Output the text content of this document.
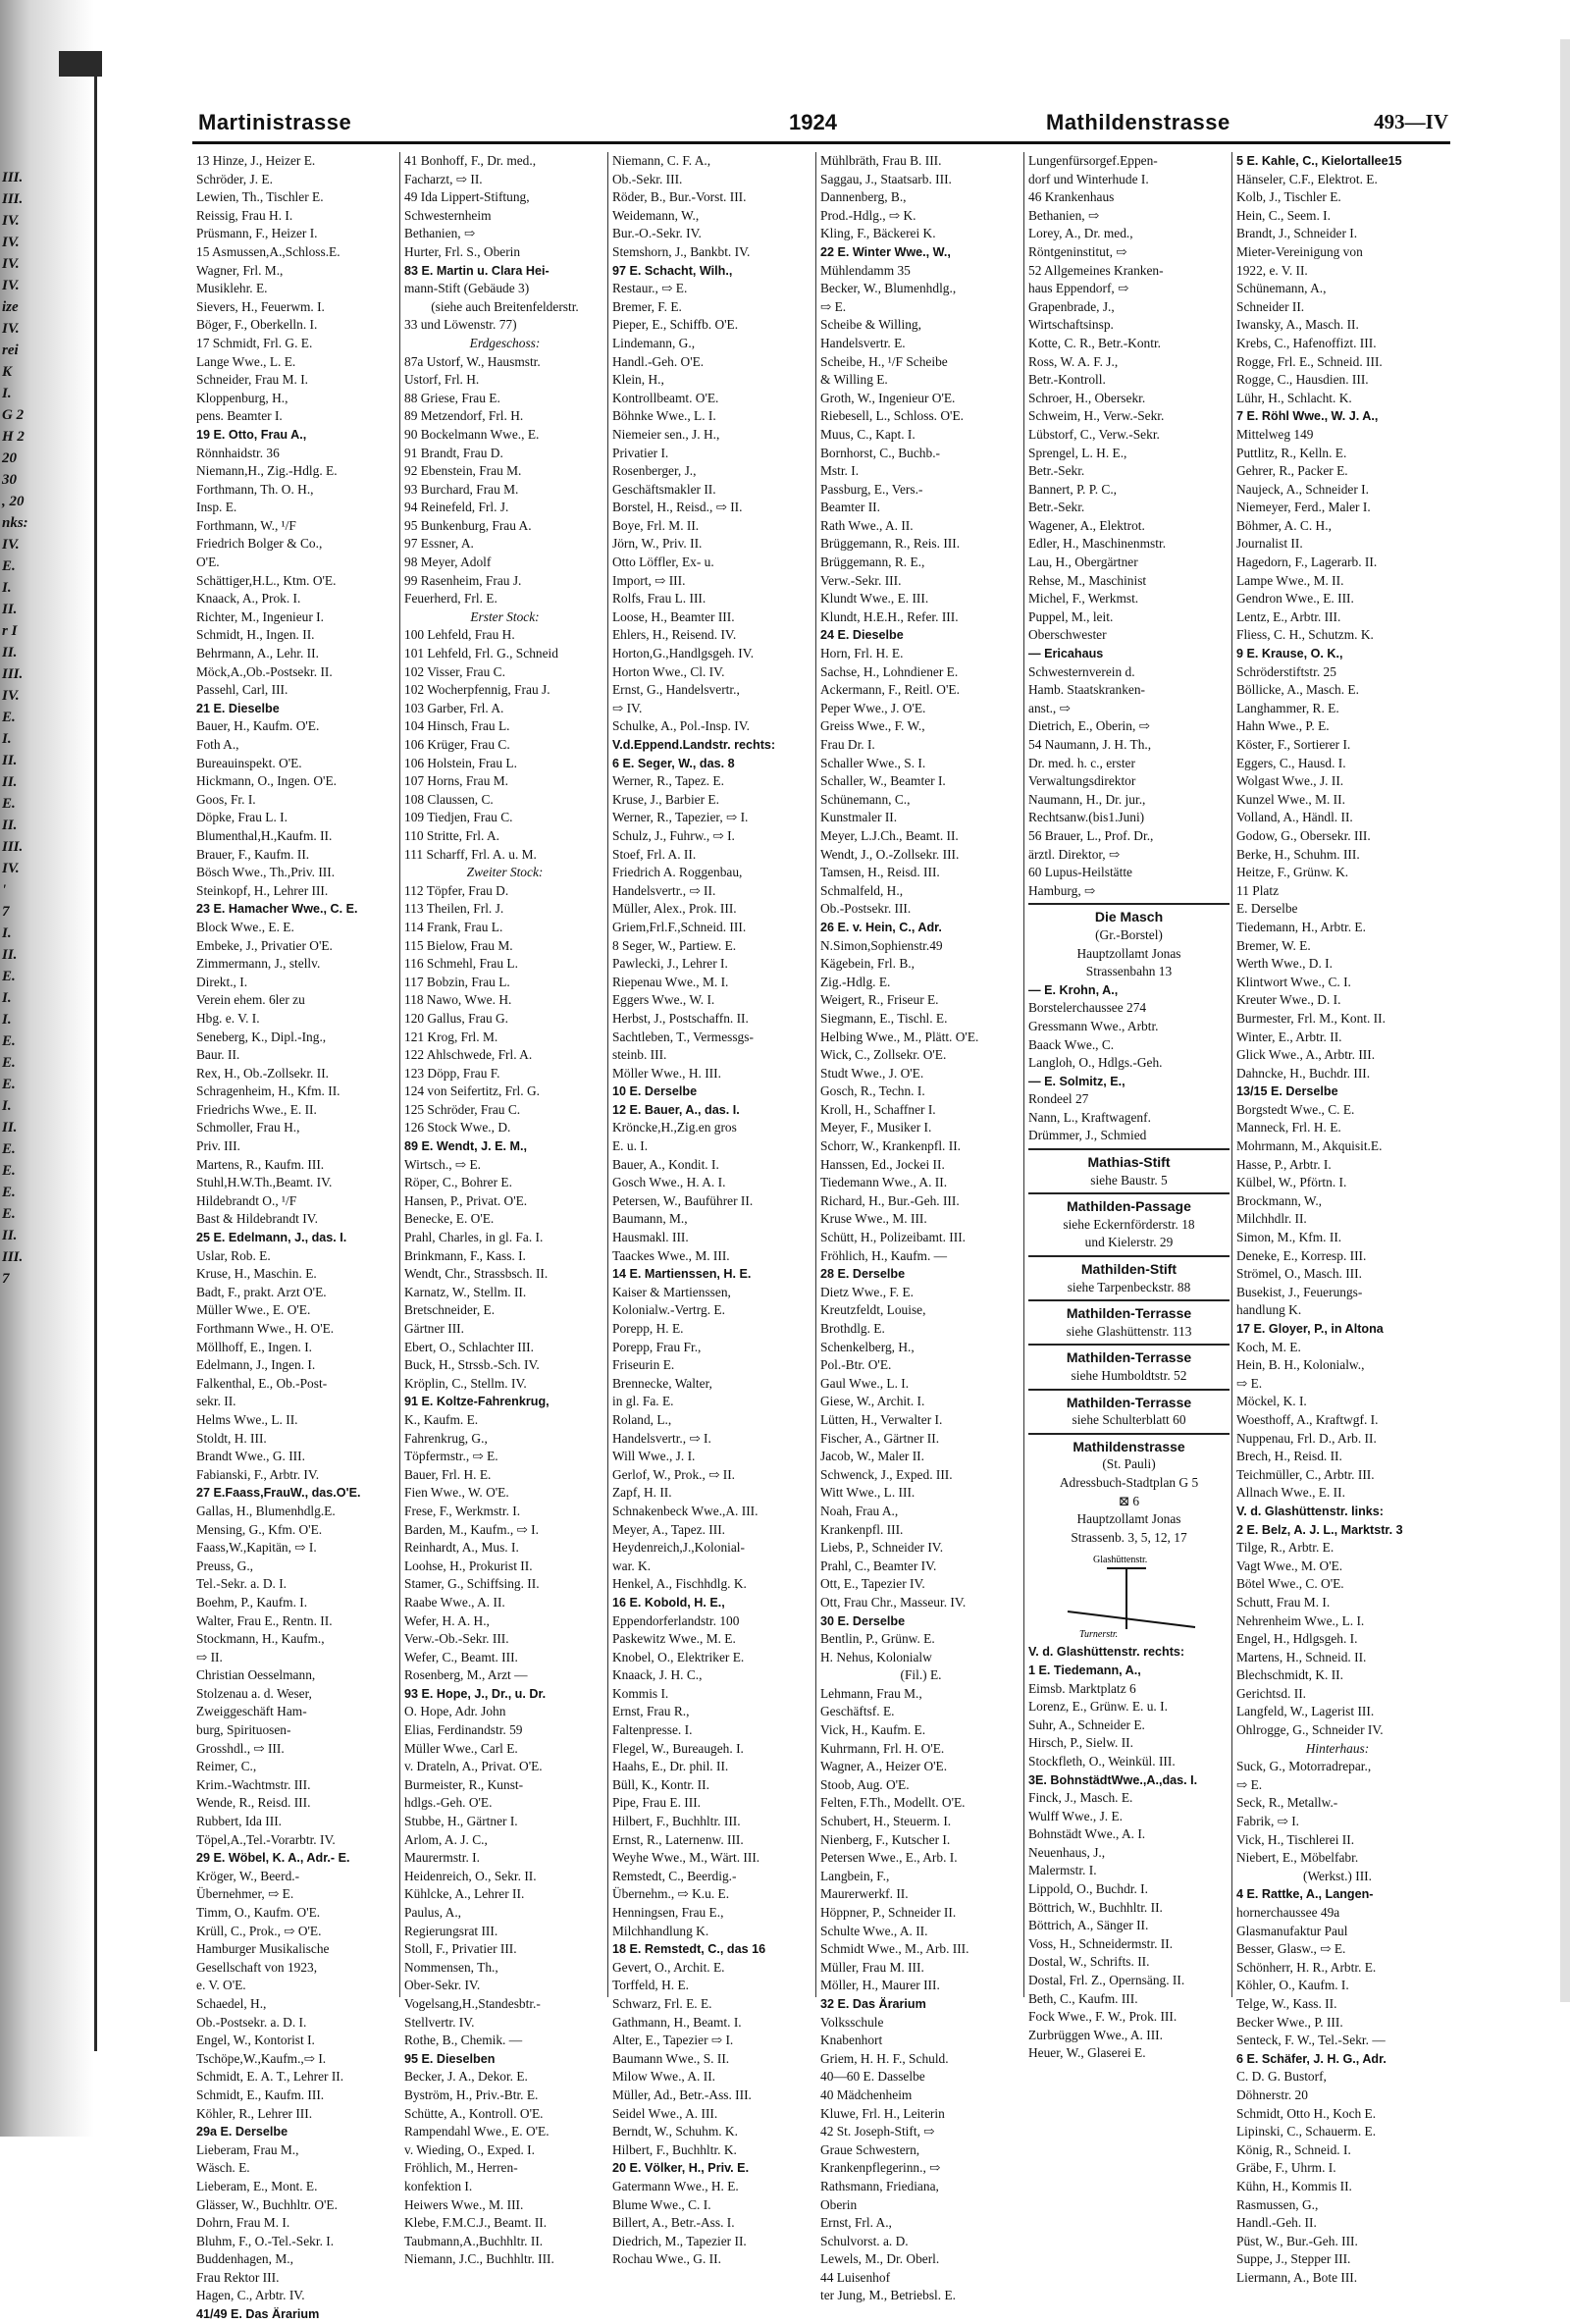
III.
III.
IV.
IV.
IV.
IV.
ize
IV.
rei
K
I.
G 2
H 2
20
30
, 20
nks:
IV.
E.
I.
II.
r I
II.
III.
IV.
E.
I.
II.
II.
E.
II.
III.
IV.
'
7
I.
II.
E.
I.
I.
E.
E.
E.
I.
II.
E.
E.
E.
E.
II.
III.
7
Martinistrasse	1924	Mathildenstrasse	493—IV
13 Hinze, J., Heizer E.
Schröder, J. E.
Lewien, Th., Tischler E.
Reissig, Frau H. I.
Prüsmann, F., Heizer I.
15 Asmussen,A.,Schloss.E.
Wagner, Frl. M.,
Musiklehr. E.
Sievers, H., Feuerwm. I.
Böger, F., Oberkelln. I.
17 Schmidt, Frl. G. E.
Lange Wwe., L. E.
Schneider, Frau M. I.
Kloppenburg, H.,
pens. Beamter I.
19 E. Otto, Frau A.,
Rönnhaidstr. 36
Niemann,H., Zig.-Hdlg. E.
Forthmann, Th. O. H.,
Insp. E.
Forthmann, W., ¹/F
Friedrich Bolger & Co.,
O'E.
Schättiger,H.L., Ktm. O'E.
Knaack, A., Prok. I.
Richter, M., Ingenieur I.
Schmidt, H., Ingen. II.
Behrmann, A., Lehr. II.
Möck,A.,Ob.-Postsekr. II.
Passehl, Carl, III.
21 E. Dieselbe
Bauer, H., Kaufm. O'E.
Foth A.,
Bureauinspekt. O'E.
Hickmann, O., Ingen. O'E.
Goos, Fr. I.
Döpke, Frau L. I.
Blumenthal,H.,Kaufm. II.
Brauer, F., Kaufm. II.
Bösch Wwe., Th.,Priv. III.
Steinkopf, H., Lehrer III.
23 E. Hamacher Wwe., C. E.
Block Wwe., E. E.
Embeke, J., Privatier O'E.
Zimmermann, J., stellv.
Direkt., I.
Verein ehem. 6ler zu
Hbg. e. V. I.
Seneberg, K., Dipl.-Ing.,
Baur. II.
Rex, H., Ob.-Zollsekr. II.
Schragenheim, H., Kfm. II.
Friedrichs Wwe., E. II.
Schmoller, Frau H.,
Priv. III.
Martens, R., Kaufm. III.
Stuhl,H.W.Th.,Beamt. IV.
Hildebrandt O., ¹/F
Bast & Hildebrandt IV.
25 E. Edelmann, J., das. I.
Uslar, Rob. E.
Kruse, H., Maschin. E.
Badt, F., prakt. Arzt O'E.
Müller Wwe., E. O'E.
Forthmann Wwe., H. O'E.
Möllhoff, E., Ingen. I.
Edelmann, J., Ingen. I.
Falkenthal, E., Ob.-Post-
sekr. II.
Helms Wwe., L. II.
Stoldt, H. III.
Brandt Wwe., G. III.
Fabianski, F., Arbtr. IV.
27 E.Faass,FrauW., das.O'E.
Gallas, H., Blumenhdlg.E.
Mensing, G., Kfm. O'E.
Faass,W.,Kapitän, ⇨ I.
Preuss, G.,
Tel.-Sekr. a. D. I.
Boehm, P., Kaufm. I.
Walter, Frau E., Rentn. II.
Stockmann, H., Kaufm.,
⇨ II.
Christian Oesselmann,
Stolzenau a. d. Weser,
Zweiggeschäft Ham-
burg, Spirituosen-
Grosshdl., ⇨ III.
Reimer, C.,
Krim.-Wachtmstr. III.
Wende, R., Reisd. III.
Rubbert, Ida III.
Töpel,A.,Tel.-Vorarbtr. IV.
29 E. Wöbel, K. A., Adr.- E.
Kröger, W., Beerd.-
Übernehmer, ⇨ E.
Timm, O., Kaufm. O'E.
Krüll, C., Prok., ⇨ O'E.
Hamburger Musikalische
Gesellschaft von 1923,
e. V. O'E.
Schaedel, H.,
Ob.-Postsekr. a. D. I.
Engel, W., Kontorist I.
Tschöpe,W.,Kaufm.,⇨ I.
Schmidt, E. A. T., Lehrer II.
Schmidt, E., Kaufm. III.
Köhler, R., Lehrer III.
29a E. Derselbe
Lieberam, Frau M.,
Wäsch. E.
Lieberam, E., Mont. E.
Glässer, W., Buchhltr. O'E.
Dohrn, Frau M. I.
Bluhm, F., O.-Tel.-Sekr. I.
Buddenhagen, M.,
Frau Rektor III.
Hagen, C., Arbtr. IV.
41/49 E. Das Ärarium
41 Bonhoff, F., Dr. med.,
Facharzt, ⇨ II.
49 Ida Lippert-Stiftung,
Schwesternheim
Bethanien, ⇨
Hurter, Frl. S., Oberin
83 E. Martin u. Clara Hei-
mann-Stift (Gebäude 3)
(siehe auch Breitenfelderstr.
33 und Löwenstr. 77)
Erdgeschoss:
87a Ustorf, W., Hausmstr.
Ustorf, Frl. H.
88 Griese, Frau E.
89 Metzendorf, Frl. H.
90 Bockelmann Wwe., E.
91 Brandt, Frau D.
92 Ebenstein, Frau M.
93 Burchard, Frau M.
94 Reinefeld, Frl. J.
95 Bunkenburg, Frau A.
97 Essner, A.
98 Meyer, Adolf
99 Rasenheim, Frau J.
Feuerherd, Frl. E.
Erster Stock:
100 Lehfeld, Frau H.
101 Lehfeld, Frl. G., Schneid
102 Visser, Frau C.
102 Wocherpfennig, Frau J.
103 Garber, Frl. A.
104 Hinsch, Frau L.
106 Krüger, Frau C.
106 Holstein, Frau L.
107 Horns, Frau M.
108 Claussen, C.
109 Tiedjen, Frau C.
110 Stritte, Frl. A.
111 Scharff, Frl. A. u. M.
Zweiter Stock:
112 Töpfer, Frau D.
113 Theilen, Frl. J.
114 Frank, Frau L.
115 Bielow, Frau M.
116 Schmehl, Frau L.
117 Bobzin, Frau L.
118 Nawo, Wwe. H.
120 Gallus, Frau G.
121 Krog, Frl. M.
122 Ahlschwede, Frl. A.
123 Döpp, Frau F.
124 von Seifertitz, Frl. G.
125 Schröder, Frau C.
126 Stock Wwe., D.
89 E. Wendt, J. E. M.,
Wirtsch., ⇨ E.
Röper, C., Bohrer E.
Hansen, P., Privat. O'E.
Benecke, E. O'E.
Prahl, Charles, in gl. Fa. I.
Brinkmann, F., Kass. I.
Wendt, Chr., Strassbsch. II.
Karnatz, W., Stellm. II.
Bretschneider, E.
Gärtner III.
Ebert, O., Schlachter III.
Buck, H., Strssb.-Sch. IV.
Kröplin, C., Stellm. IV.
91 E. Koltze-Fahrenkrug,
K., Kaufm. E.
Fahrenkrug, G.,
Töpfermstr., ⇨ E.
Bauer, Frl. H. E.
Fien Wwe., W. O'E.
Frese, F., Werkmstr. I.
Barden, M., Kaufm., ⇨ I.
Reinhardt, A., Mus. I.
Loohse, H., Prokurist II.
Stamer, G., Schiffsing. II.
Raabe Wwe., A. II.
Wefer, H. A. H.,
Verw.-Ob.-Sekr. III.
Wefer, C., Beamt. III.
Rosenberg, M., Arzt —
93 E. Hope, J., Dr., u. Dr.
O. Hope, Adr. John
Elias, Ferdinandstr. 59
Müller Wwe., Carl E.
v. Drateln, A., Privat. O'E.
Burmeister, R., Kunst-
hdlgs.-Geh. O'E.
Stubbe, H., Gärtner I.
Arlom, A. J. C.,
Maurermstr. I.
Heidenreich, O., Sekr. II.
Kühlcke, A., Lehrer II.
Paulus, A.,
Regierungsrat III.
Stoll, F., Privatier III.
Nommensen, Th.,
Ober-Sekr. IV.
Vogelsang,H.,Standesbtr.-
Stellvertr. IV.
Rothe, B., Chemik. —
95 E. Dieselben
Becker, J. A., Dekor. E.
Byström, H., Priv.-Btr. E.
Schütte, A., Kontroll. O'E.
Rampendahl Wwe., E. O'E.
v. Wieding, O., Exped. I.
Fröhlich, M., Herren-
konfektion I.
Heiwers Wwe., M. III.
Klebe, F.M.C.J., Beamt. II.
Taubmann,A.,Buchhltr. II.
Niemann, J.C., Buchhltr. III.
Niemann, C. F. A.,
Ob.-Sekr. III.
Röder, B., Bur.-Vorst. III.
Weidemann, W.,
Bur.-O.-Sekr. IV.
Stemshorn, J., Bankbt. IV.
97 E. Schacht, Wilh.,
Restaur., ⇨ E.
Bremer, F. E.
Pieper, E., Schiffb. O'E.
Lindemann, G.,
Handl.-Geh. O'E.
Klein, H.,
Kontrollbeamt. O'E.
Böhnke Wwe., L. I.
Niemeier sen., J. H.,
Privatier I.
Rosenberger, J.,
Geschäftsmakler II.
Borstel, H., Reisd., ⇨ II.
Boye, Frl. M. II.
Jörn, W., Priv. II.
Otto Löffler, Ex- u.
Import, ⇨ III.
Rolfs, Frau L. III.
Loose, H., Beamter III.
Ehlers, H., Reisend. IV.
Horton,G.,Handlgsgeh. IV.
Horton Wwe., Cl. IV.
Ernst, G., Handelsvertr.,
⇨ IV.
Schulke, A., Pol.-Insp. IV.
V.d.Eppend.Landstr. rechts:
6 E. Seger, W., das. 8
Werner, R., Tapez. E.
Kruse, J., Barbier E.
Werner, R., Tapezier, ⇨ I.
Schulz, J., Fuhrw., ⇨ I.
Stoef, Frl. A. II.
Friedrich A. Roggenbau,
Handelsvertr., ⇨ II.
Müller, Alex., Prok. III.
Griem,Frl.F.,Schneid. III.
8 Seger, W., Partiew. E.
Pawlecki, J., Lehrer I.
Riepenau Wwe., M. I.
Eggers Wwe., W. I.
Herbst, J., Postschaffn. II.
Sachtleben, T., Vermessgs-
steinb. III.
Möller Wwe., H. III.
10 E. Derselbe
12 E. Bauer, A., das. I.
Kröncke,H.,Zig.en gros
E. u. I.
Bauer, A., Kondit. I.
Gosch Wwe., H. A. I.
Petersen, W., Bauführer II.
Baumann, M.,
Hausmakl. III.
Taackes Wwe., M. III.
14 E. Martienssen, H. E.
Kaiser & Martienssen,
Kolonialw.-Vertrg. E.
Porepp, H. E.
Porepp, Frau Fr.,
Friseurin E.
Brennecke, Walter,
in gl. Fa. E.
Roland, L.,
Handelsvertr., ⇨ I.
Will Wwe., J. I.
Gerlof, W., Prok., ⇨ II.
Zapf, H. II.
Schnakenbeck Wwe.,A. III.
Meyer, A., Tapez. III.
Heydenreich,J.,Kolonial-
war. K.
Henkel, A., Fischhdlg. K.
16 E. Kobold, H. E.,
Eppendorferlandstr. 100
Paskewitz Wwe., M. E.
Knobel, O., Elektriker E.
Knaack, J. H. C.,
Kommis I.
Ernst, Frau R.,
Faltenpresse. I.
Flegel, W., Bureaugeh. I.
Haahs, E., Dr. phil. II.
Büll, K., Kontr. II.
Pipe, Frau E. III.
Hilbert, F., Buchhltr. III.
Ernst, R., Laternenw. III.
Weyhe Wwe., M., Wärt. III.
Remstedt, C., Beerdig.-
Übernehm., ⇨ K.u. E.
Henningsen, Frau E.,
Milchhandlung K.
18 E. Remstedt, C., das 16
Gevert, O., Archit. E.
Torffeld, H. E.
Schwarz, Frl. E. E.
Gathmann, H., Beamt. I.
Alter, E., Tapezier ⇨ I.
Baumann Wwe., S. II.
Milow Wwe., A. II.
Müller, Ad., Betr.-Ass. III.
Seidel Wwe., A. III.
Berndt, W., Schuhm. K.
Hilbert, F., Buchhltr. K.
20 E. Völker, H., Priv. E.
Gatermann Wwe., H. E.
Blume Wwe., C. I.
Billert, A., Betr.-Ass. I.
Diedrich, M., Tapezier II.
Rochau Wwe., G. II.
Mühlbräth, Frau B. III.
Saggau, J., Staatsarb. III.
Dannenberg, B.,
Prod.-Hdlg., ⇨ K.
Kling, F., Bäckerei K.
22 E. Winter Wwe., W.,
Mühlendamm 35
Becker, W., Blumenhdlg.,
⇨ E.
Scheibe & Willing,
Handelsvertr. E.
Scheibe, H., ¹/F Scheibe
& Willing E.
Groth, W., Ingenieur O'E.
Riebesell, L., Schloss. O'E.
Muus, C., Kapt. I.
Bornhorst, C., Buchb.-
Mstr. I.
Passburg, E., Vers.-
Beamter II.
Rath Wwe., A. II.
Brüggemann, R., Reis. III.
Brüggemann, R. E.,
Verw.-Sekr. III.
Klundt Wwe., E. III.
Klundt, H.E.H., Refer. III.
24 E. Dieselbe
Horn, Frl. H. E.
Sachse, H., Lohndiener E.
Ackermann, F., Reitl. O'E.
Peper Wwe., J. O'E.
Greiss Wwe., F. W.,
Frau Dr. I.
Schaller Wwe., S. I.
Schaller, W., Beamter I.
Schünemann, C.,
Kunstmaler II.
Meyer, L.J.Ch., Beamt. II.
Wendt, J., O.-Zollsekr. III.
Tamsen, H., Reisd. III.
Schmalfeld, H.,
Ob.-Postsekr. III.
26 E. v. Hein, C., Adr.
N.Simon,Sophienstr.49
Kägebein, Frl. B.,
Zig.-Hdlg. E.
Weigert, R., Friseur E.
Siegmann, E., Tischl. E.
Helbing Wwe., M., Plätt. O'E.
Wick, C., Zollsekr. O'E.
Studt Wwe., J. O'E.
Gosch, R., Techn. I.
Kroll, H., Schaffner I.
Meyer, F., Musiker I.
Schorr, W., Krankenpfl. II.
Hanssen, Ed., Jockei II.
Tiedemann Wwe., A. II.
Richard, H., Bur.-Geh. III.
Kruse Wwe., M. III.
Schütt, H., Polizeibamt. III.
Fröhlich, H., Kaufm. —
28 E. Derselbe
Dietz Wwe., F. E.
Kreutzfeldt, Louise,
Brothdlg. E.
Schenkelberg, H.,
Pol.-Btr. O'E.
Gaul Wwe., L. I.
Giese, W., Archit. I.
Lütten, H., Verwalter I.
Fischer, A., Gärtner II.
Jacob, W., Maler II.
Schwenck, J., Exped. III.
Witt Wwe., L. III.
Noah, Frau A.,
Krankenpfl. III.
Liebs, P., Schneider IV.
Prahl, C., Beamter IV.
Ott, E., Tapezier IV.
Ott, Frau Chr., Masseur. IV.
30 E. Derselbe
Bentlin, P., Grünw. E.
H. Nehus, Kolonialw
(Fil.) E.
Lehmann, Frau M.,
Geschäftsf. E.
Vick, H., Kaufm. E.
Kuhrmann, Frl. H. O'E.
Wagner, A., Heizer O'E.
Stoob, Aug. O'E.
Felten, F.Th., Modellt. O'E.
Schubert, H., Steuerm. I.
Nienberg, F., Kutscher I.
Petersen Wwe., E., Arb. I.
Langbein, F.,
Maurerwerkf. II.
Höppner, P., Schneider II.
Schulte Wwe., A. II.
Schmidt Wwe., M., Arb. III.
Müller, Frau M. III.
Möller, H., Maurer III.
32 E. Das Ärarium
Volksschule
Knabenhort
Griem, H. H. F., Schuld.
40—60 E. Dasselbe
40 Mädchenheim
Kluwe, Frl. H., Leiterin
42 St. Joseph-Stift, ⇨
Graue Schwestern,
Krankenpflegerinn., ⇨
Rathsmann, Friediana,
Oberin
Ernst, Frl. A.,
Schulvorst. a. D.
Lewels, M., Dr. Oberl.
44 Luisenhof
ter Jung, M., Betriebsl. E.
Lungenfürsorgef.Eppen-
dorf und Winterhude I.
46 Krankenhaus
Bethanien, ⇨
Lorey, A., Dr. med.,
Röntgeninstitut, ⇨
52 Allgemeines Kranken-
haus Eppendorf, ⇨
Grapenbrade, J.,
Wirtschaftsinsp.
Kotte, C. R., Betr.-Kontr.
Ross, W. A. F. J.,
Betr.-Kontroll.
Schroer, H., Obersekr.
Schweim, H., Verw.-Sekr.
Lübstorf, C., Verw.-Sekr.
Sprengel, L. H. E.,
Betr.-Sekr.
Bannert, P. P. C.,
Betr.-Sekr.
Wagener, A., Elektrot.
Edler, H., Maschinenmstr.
Lau, H., Obergärtner
Rehse, M., Maschinist
Michel, F., Werkmst.
Puppel, M., leit.
Oberschwester
— Ericahaus
Schwesternverein d.
Hamb. Staatskranken-
anst., ⇨
Dietrich, E., Oberin, ⇨
54 Naumann, J. H. Th.,
Dr. med. h. c., erster
Verwaltungsdirektor
Naumann, H., Dr. jur.,
Rechtsanw.(bis1.Juni)
56 Brauer, L., Prof. Dr.,
ärztl. Direktor, ⇨
60 Lupus-Heilstätte
Hamburg, ⇨
Die Masch
(Gr.-Borstel)
Hauptzollamt Jonas
Strassenbahn 13
— E. Krohn, A.,
Borstelerchaussee 274
Gressmann Wwe., Arbtr.
Baack Wwe., C.
Langloh, O., Hdlgs.-Geh.
— E. Solmitz, E.,
Rondeel 27
Nann, L., Kraftwagenf.
Drümmer, J., Schmied
Mathias-Stift
siehe Baustr. 5
Mathilden-Passage
siehe Eckernförderstr. 18
und Kielerstr. 29
Mathilden-Stift
siehe Tarpenbeckstr. 88
Mathilden-Terrasse
siehe Glashüttenstr. 113
Mathilden-Terrasse
siehe Humboldtstr. 52
Mathilden-Terrasse
siehe Schulterblatt 60
Mathildenstrasse
(St. Pauli)
Adressbuch-Stadtplan G 5
⊠ 6
Hauptzollamt Jonas
Strassenb. 3, 5, 12, 17
Glashüttenstr.
Turnerstr.
V. d. Glashüttenstr. rechts:
1 E. Tiedemann, A.,
Eimsb. Marktplatz 6
Lorenz, E., Grünw. E. u. I.
Suhr, A., Schneider E.
Hirsch, P., Sielw. II.
Stockfleth, O., Weinkül. III.
3E. BohnstädtWwe.,A.,das. I.
Finck, J., Masch. E.
Wulff Wwe., J. E.
Bohnstädt Wwe., A. I.
Neuenhaus, J.,
Malermstr. I.
Lippold, O., Buchdr. I.
Böttrich, W., Buchhltr. II.
Böttrich, A., Sänger II.
Voss, H., Schneidermstr. II.
Dostal, W., Schrifts. II.
Dostal, Frl. Z., Opernsäng. II.
Beth, C., Kaufm. III.
Fock Wwe., F. W., Prok. III.
Zurbrüggen Wwe., A. III.
Heuer, W., Glaserei E.
5 E. Kahle, C., Kielortallee15
Hänseler, C.F., Elektrot. E.
Kolb, J., Tischler E.
Hein, C., Seem. I.
Brandt, J., Schneider I.
Mieter-Vereinigung von
1922, e. V. II.
Schünemann, A.,
Schneider II.
Iwansky, A., Masch. II.
Krebs, C., Hafenoffizt. III.
Rogge, Frl. E., Schneid. III.
Rogge, C., Hausdien. III.
Lühr, H., Schlacht. K.
7 E. Röhl Wwe., W. J. A.,
Mittelweg 149
Puttlitz, R., Kelln. E.
Gehrer, R., Packer E.
Naujeck, A., Schneider I.
Niemeyer, Ferd., Maler I.
Böhmer, A. C. H.,
Journalist II.
Hagedorn, F., Lagerarb. II.
Lampe Wwe., M. II.
Gendron Wwe., E. III.
Lentz, E., Arbtr. III.
Fliess, C. H., Schutzm. K.
9 E. Krause, O. K.,
Schröderstiftstr. 25
Böllicke, A., Masch. E.
Langhammer, R. E.
Hahn Wwe., P. E.
Köster, F., Sortierer I.
Eggers, C., Hausd. I.
Wolgast Wwe., J. II.
Kunzel Wwe., M. II.
Volland, A., Händl. II.
Godow, G., Obersekr. III.
Berke, H., Schuhm. III.
Heitze, F., Grünw. K.
11 Platz
E. Derselbe
Tiedemann, H., Arbtr. E.
Bremer, W. E.
Werth Wwe., D. I.
Klintwort Wwe., C. I.
Kreuter Wwe., D. I.
Burmester, Frl. M., Kont. II.
Winter, E., Arbtr. II.
Glick Wwe., A., Arbtr. III.
Dahncke, H., Buchdr. III.
13/15 E. Derselbe
Borgstedt Wwe., C. E.
Manneck, Frl. H. E.
Mohrmann, M., Akquisit.E.
Hasse, P., Arbtr. I.
Külbel, W., Pförtn. I.
Brockmann, W.,
Milchhdlr. II.
Simon, M., Kfm. II.
Deneke, E., Korresp. III.
Strömel, O., Masch. III.
Busekist, J., Feuerungs-
handlung K.
17 E. Gloyer, P., in Altona
Koch, M. E.
Hein, B. H., Kolonialw.,
⇨ E.
Möckel, K. I.
Woesthoff, A., Kraftwgf. I.
Nuppenau, Frl. D., Arb. II.
Brech, H., Reisd. II.
Teichmüller, C., Arbtr. III.
Allnach Wwe., E. II.
V. d. Glashüttenstr. links:
2 E. Belz, A. J. L., Marktstr. 3
Tilge, R., Arbtr. E.
Vagt Wwe., M. O'E.
Bötel Wwe., C. O'E.
Schutt, Frau M. I.
Nehrenheim Wwe., L. I.
Engel, H., Hdlgsgeh. I.
Martens, H., Schneid. II.
Blechschmidt, K. II.
Gerichtsd. II.
Langfeld, W., Lagerist III.
Ohlrogge, G., Schneider IV.
Hinterhaus:
Suck, G., Motorradrepar.,
⇨ E.
Seck, R., Metallw.-
Fabrik, ⇨ I.
Vick, H., Tischlerei II.
Niebert, E., Möbelfabr.
(Werkst.) III.
4 E. Rattke, A., Langen-
hornerchaussee 49a
Glasmanufaktur Paul
Besser, Glasw., ⇨ E.
Schönherr, H. R., Arbtr. E.
Köhler, O., Kaufm. I.
Telge, W., Kass. II.
Becker Wwe., P. III.
Senteck, F. W., Tel.-Sekr. —
6 E. Schäfer, J. H. G., Adr.
C. D. G. Bustorf,
Döhnerstr. 20
Schmidt, Otto H., Koch E.
Lipinski, C., Schauerm. E.
König, R., Schneid. I.
Gräbe, F., Uhrm. I.
Kühn, H., Kommis II.
Rasmussen, G.,
Handl.-Geh. II.
Püst, W., Bur.-Geh. III.
Suppe, J., Stepper III.
Liermann, A., Bote III.
